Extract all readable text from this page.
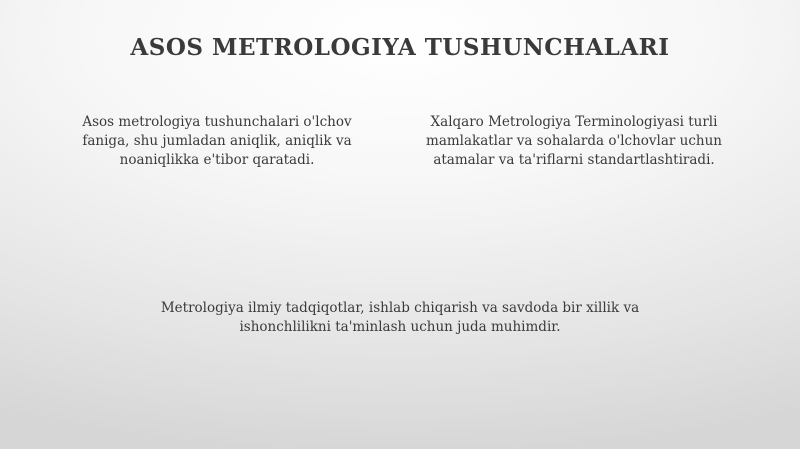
ASOS METROLOGIYA TUSHUNCHALARI

Asos metrologiya tushunchalari o'lchov faniga, shu jumladan aniqlik, aniqlik va noaniqlikka e'tibor qaratadi.

Xalqaro Metrologiya Terminologiyasi turli mamlakatlar va sohalarda o'lchovlar uchun atamalar va ta'riflarni standartlashtiradi.

Metrologiya ilmiy tadqiqotlar, ishlab chiqarish va savdoda bir xillik va ishonchlilikni ta'minlash uchun juda muhimdir.
